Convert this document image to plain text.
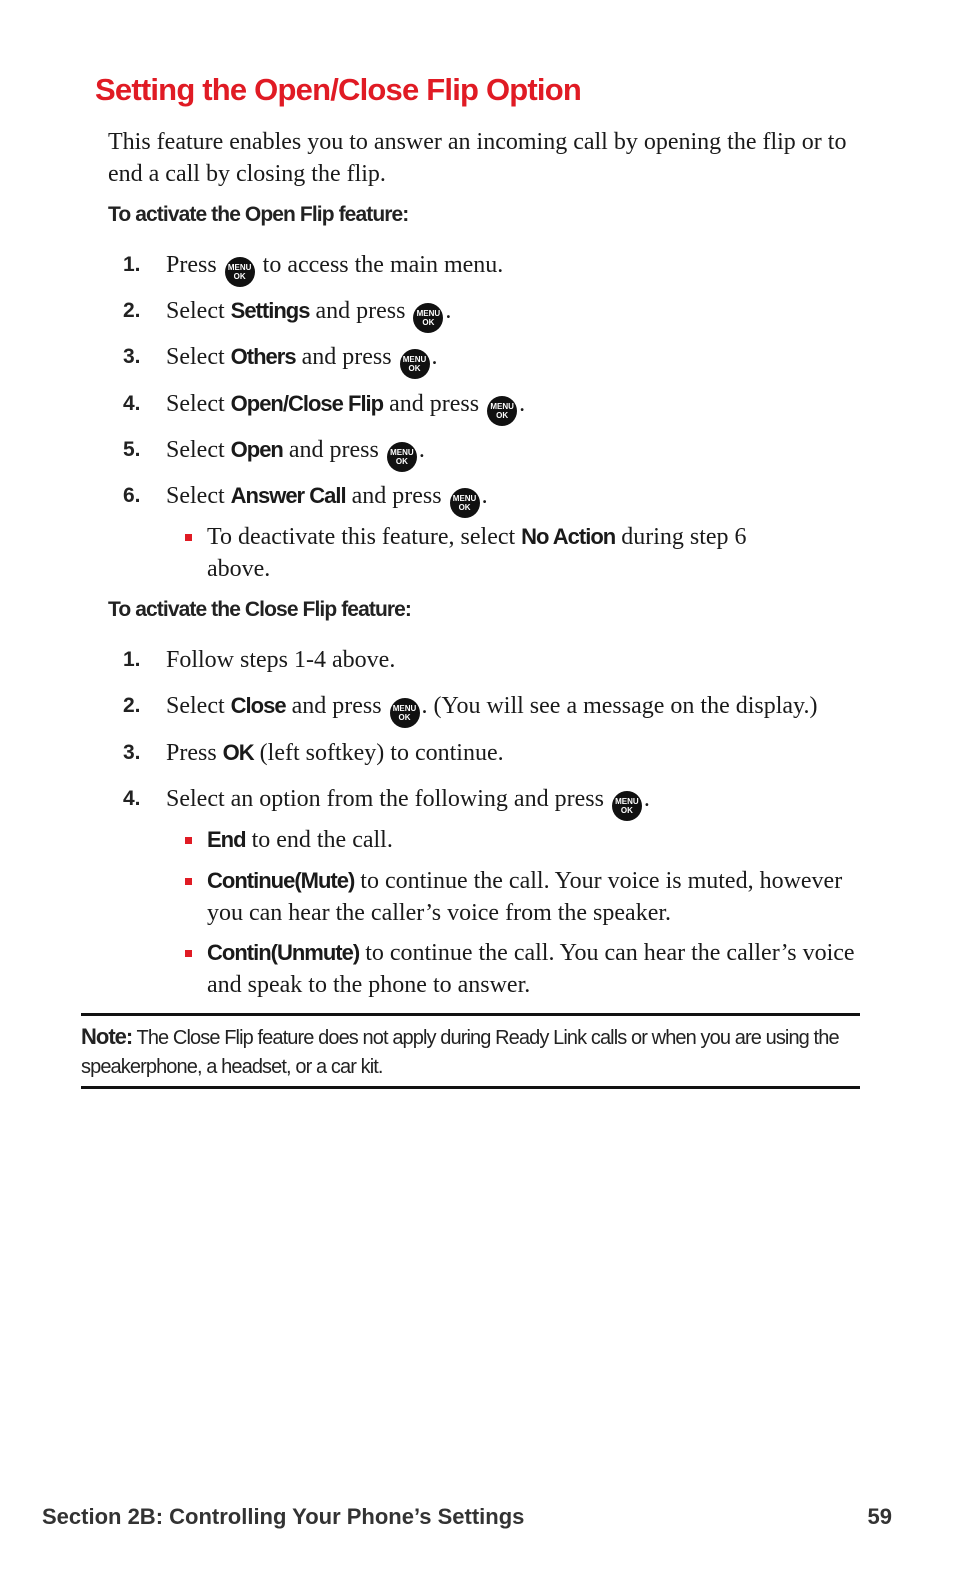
Setting the Open/Close Flip Option

This feature enables you to answer an incoming call by opening the flip or to end a call by closing the flip.

To activate the Open Flip feature:
1. Press MENU
OK to access the main menu.
2. Select Settings and press MENU
OK .
3. Select Others and press MENU
OK .
4. Select Open/Close Flip and press MENU
OK .
5. Select Open and press MENU
OK .
6. Select Answer Call and press MENU
OK .
To deactivate this feature, select No Action during step 6 above.
To activate the Close Flip feature:
1. Follow steps 1-4 above.
2. Select Close and press MENU
OK . (You will see a message on the display.)
3. Press OK (left softkey) to continue.
4. Select an option from the following and press MENU
OK .
End to end the call.
Continue(Mute) to continue the call. Your voice is muted, however you can hear the caller’s voice from the speaker.
Contin(Unmute) to continue the call. You can hear the caller’s voice and speak to the phone to answer.

Note: The Close Flip feature does not apply during Ready Link calls or when you are using the speakerphone, a headset, or a car kit.

Section 2B: Controlling Your Phone’s Settings	59
